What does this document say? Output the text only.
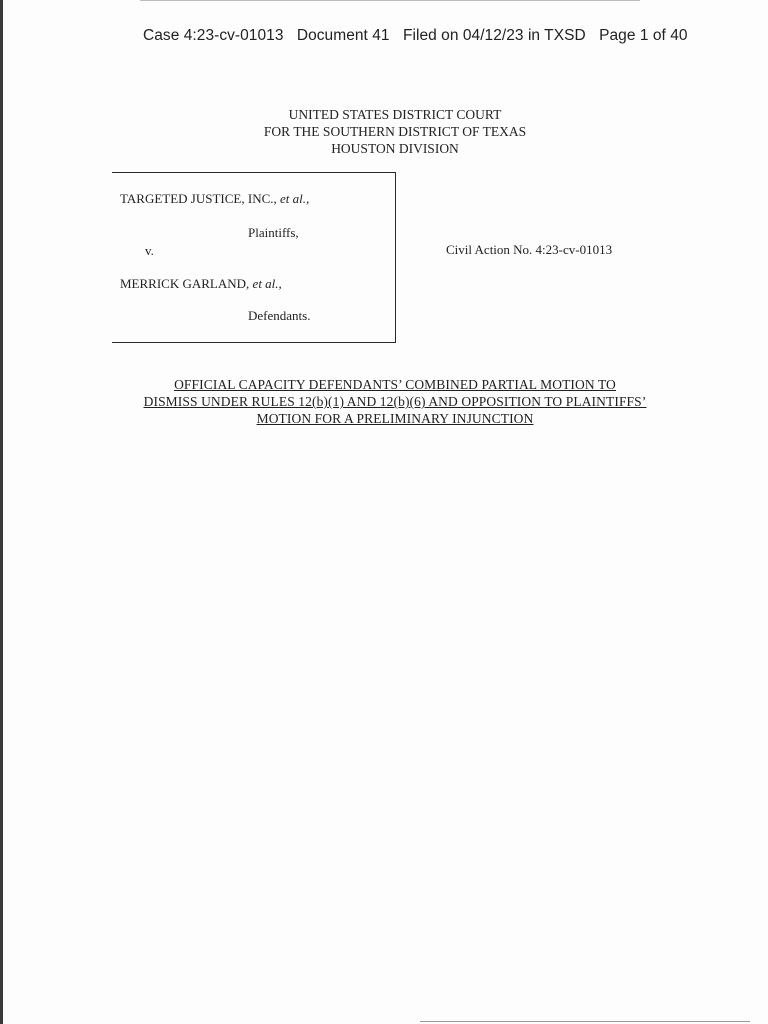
Case 4:23-cv-01013 Document 41 Filed on 04/12/23 in TXSD Page 1 of 40
UNITED STATES DISTRICT COURT
FOR THE SOUTHERN DISTRICT OF TEXAS
HOUSTON DIVISION
TARGETED JUSTICE, INC., et al.,
Plaintiffs,
v.
MERRICK GARLAND, et al.,
Defendants.
Civil Action No. 4:23-cv-01013
OFFICIAL CAPACITY DEFENDANTS’ COMBINED PARTIAL MOTION TO
DISMISS UNDER RULES 12(b)(1) AND 12(b)(6) AND OPPOSITION TO PLAINTIFFS’
MOTION FOR A PRELIMINARY INJUNCTION
